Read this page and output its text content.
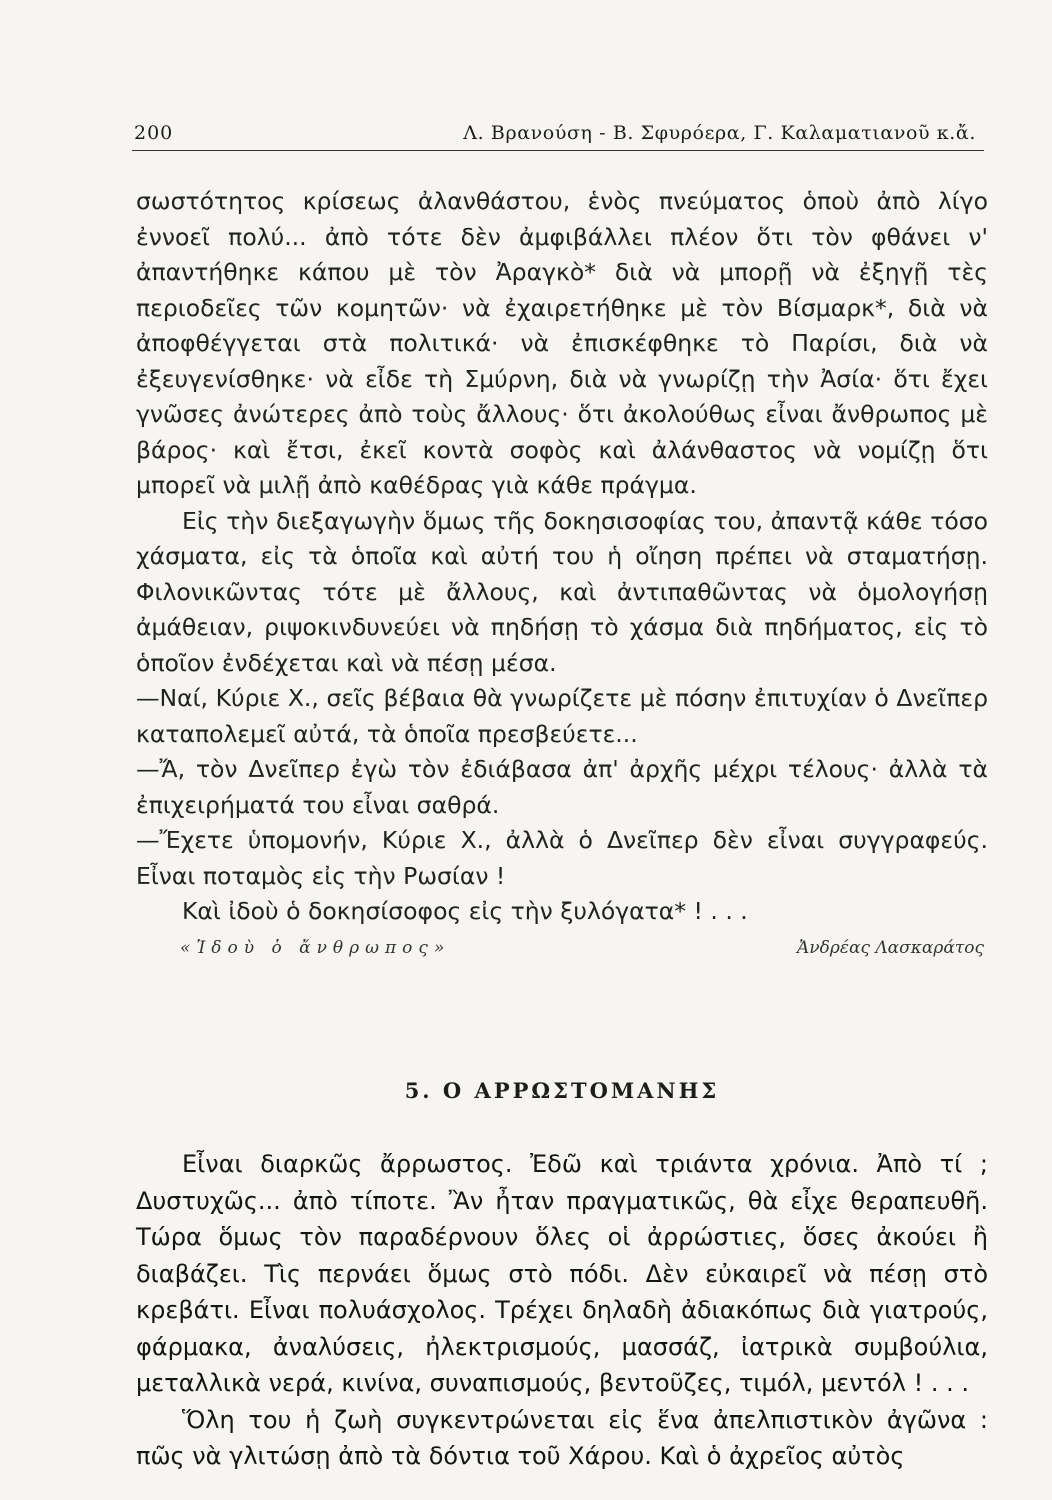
200	Λ. Βρανούση - Β. Σφυρόερα, Γ. Καλαματιανοῦ κ.ἄ.

σωστότητος κρίσεως ἀλανθάστου, ἑνὸς πνεύματος ὁποὺ ἀπὸ λίγο ἐννοεῖ πολύ... ἀπὸ τότε δὲν ἀμφιβάλλει πλέον ὅτι τὸν φθάνει ν' ἀπαντήθηκε κάπου μὲ τὸν Ἀραγκὸ* διὰ νὰ μπορῇ νὰ ἐξηγῇ τὲς περιοδεῖες τῶν κομητῶν· νὰ ἐχαιρετήθηκε μὲ τὸν Βίσμαρκ*, διὰ νὰ ἀποφθέγγεται στὰ πολιτικά· νὰ ἐπισκέφθηκε τὸ Παρίσι, διὰ νὰ ἐξευγενίσθηκε· νὰ εἶδε τὴ Σμύρνη, διὰ νὰ γνωρίζῃ τὴν Ἀσία· ὅτι ἔχει γνῶσες ἀνώτερες ἀπὸ τοὺς ἄλλους· ὅτι ἀκολούθως εἶναι ἄνθρωπος μὲ βάρος· καὶ ἔτσι, ἐκεῖ κοντὰ σοφὸς καὶ ἀλάνθαστος νὰ νομίζῃ ὅτι μπορεῖ νὰ μιλῇ ἀπὸ καθέδρας γιὰ κάθε πράγμα.

Εἰς τὴν διεξαγωγὴν ὅμως τῆς δοκησισοφίας του, ἀπαντᾷ κάθε τόσο χάσματα, εἰς τὰ ὁποῖα καὶ αὐτή του ἡ οἴηση πρέπει νὰ σταματήσῃ. Φιλονικῶντας τότε μὲ ἄλλους, καὶ ἀντιπαθῶντας νὰ ὁμολογήσῃ ἀμάθειαν, ριψοκινδυνεύει νὰ πηδήσῃ τὸ χάσμα διὰ πηδήματος, εἰς τὸ ὁποῖον ἐνδέχεται καὶ νὰ πέσῃ μέσα.

—Ναί, Κύριε Χ., σεῖς βέβαια θὰ γνωρίζετε μὲ πόσην ἐπιτυχίαν ὁ Δνεῖπερ καταπολεμεῖ αὐτά, τὰ ὁποῖα πρεσβεύετε...

—Ἄ, τὸν Δνεῖπερ ἐγὼ τὸν ἐδιάβασα ἀπ' ἀρχῆς μέχρι τέλους· ἀλλὰ τὰ ἐπιχειρήματά του εἶναι σαθρά.

—Ἔχετε ὑπομονήν, Κύριε Χ., ἀλλὰ ὁ Δνεῖπερ δὲν εἶναι συγγραφεύς. Εἶναι ποταμὸς εἰς τὴν Ρωσίαν !

Καὶ ἰδοὺ ὁ δοκησίσοφος εἰς τὴν ξυλόγατα* ! . . .

«Ἰδοὺ ὁ ἄνθρωπος»	Ἀνδρέας Λασκαράτος
5. Ο ΑΡΡΩΣΤΟΜΑΝΗΣ

Εἶναι διαρκῶς ἄρρωστος. Ἐδῶ καὶ τριάντα χρόνια. Ἀπὸ τί ; Δυστυχῶς... ἀπὸ τίποτε. Ἂν ἦταν πραγματικῶς, θὰ εἶχε θεραπευθῆ. Τώρα ὅμως τὸν παραδέρνουν ὅλες οἱ ἀρρώστιες, ὅσες ἀκούει ἢ διαβάζει. Τὶς περνάει ὅμως στὸ πόδι. Δὲν εὐκαιρεῖ νὰ πέσῃ στὸ κρεβάτι. Εἶναι πολυάσχολος. Τρέχει δηλαδὴ ἀδιακόπως διὰ γιατρούς, φάρμακα, ἀναλύσεις, ἠλεκτρισμούς, μασσάζ, ἰατρικὰ συμβούλια, μεταλλικὰ νερά, κινίνα, συναπισμούς, βεντοῦζες, τιμόλ, μεντόλ ! . . .

Ὅλη του ἡ ζωὴ συγκεντρώνεται εἰς ἕνα ἀπελπιστικὸν ἀγῶνα : πῶς νὰ γλιτώσῃ ἀπὸ τὰ δόντια τοῦ Χάρου. Καὶ ὁ ἀχρεῖος αὐτὸς
